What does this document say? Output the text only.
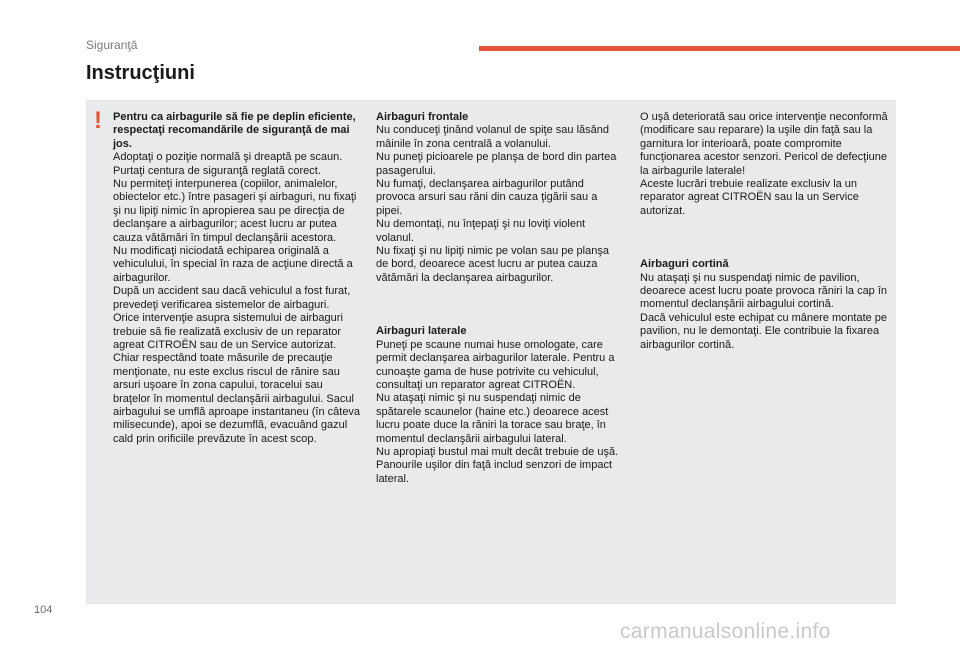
Siguranţă
Instrucţiuni
! Pentru ca airbagurile să fie pe deplin eficiente, respectaţi recomandările de siguranţă de mai jos.

Adoptaţi o poziţie normală şi dreaptă pe scaun.

Purtaţi centura de siguranţă reglată corect.

Nu permiteţi interpunerea (copiilor, animalelor, obiectelor etc.) între pasageri şi airbaguri, nu fixaţi şi nu lipiţi nimic în apropierea sau pe direcţia de declanşare a airbagurilor; acest lucru ar putea cauza vătămări în timpul declanşării acestora.

Nu modificaţi niciodată echiparea originală a vehiculului, în special în raza de acţiune directă a airbagurilor.

După un accident sau dacă vehiculul a fost furat, prevedeţi verificarea sistemelor de airbaguri.

Orice intervenţie asupra sistemului de airbaguri trebuie să fie realizată exclusiv de un reparator agreat CITROËN sau de un Service autorizat.

Chiar respectând toate măsurile de precauţie menţionate, nu este exclus riscul de rănire sau arsuri uşoare în zona capului, toracelui sau braţelor în momentul declanşării airbagului. Sacul airbagului se umflă aproape instantaneu (în câteva milisecunde), apoi se dezumflă, evacuând gazul cald prin orificiile prevăzute în acest scop.

Airbaguri frontale

Nu conduceţi ţinând volanul de spiţe sau lăsând mâinile în zona centrală a volanului.

Nu puneţi picioarele pe planşa de bord din partea pasagerului.

Nu fumaţi, declanşarea airbagurilor putând provoca arsuri sau răni din cauza ţigării sau a pipei.

Nu demontaţi, nu înţepaţi şi nu loviţi violent volanul.

Nu fixaţi şi nu lipiţi nimic pe volan sau pe planşa de bord, deoarece acest lucru ar putea cauza vătămări la declanşarea airbagurilor.

Airbaguri laterale

Puneţi pe scaune numai huse omologate, care permit declanşarea airbagurilor laterale. Pentru a cunoaşte gama de huse potrivite cu vehiculul, consultaţi un reparator agreat CITROËN.

Nu ataşaţi nimic şi nu suspendaţi nimic de spătarele scaunelor (haine etc.) deoarece acest lucru poate duce la răniri la torace sau braţe, în momentul declanşării airbagului lateral.

Nu apropiaţi bustul mai mult decât trebuie de uşă.

Panourile uşilor din faţă includ senzori de impact lateral.

O uşă deteriorată sau orice intervenţie neconformă (modificare sau reparare) la uşile din faţă sau la garnitura lor interioară, poate compromite funcţionarea acestor senzori. Pericol de defecţiune la airbagurile laterale!

Aceste lucrări trebuie realizate exclusiv la un reparator agreat CITROËN sau la un Service autorizat.

Airbaguri cortină

Nu ataşaţi şi nu suspendaţi nimic de pavilion, deoarece acest lucru poate provoca răniri la cap în momentul declanşării airbagului cortină.

Dacă vehiculul este echipat cu mânere montate pe pavilion, nu le demontaţi. Ele contribuie la fixarea airbagurilor cortină.

104
carmanualsonline.info
